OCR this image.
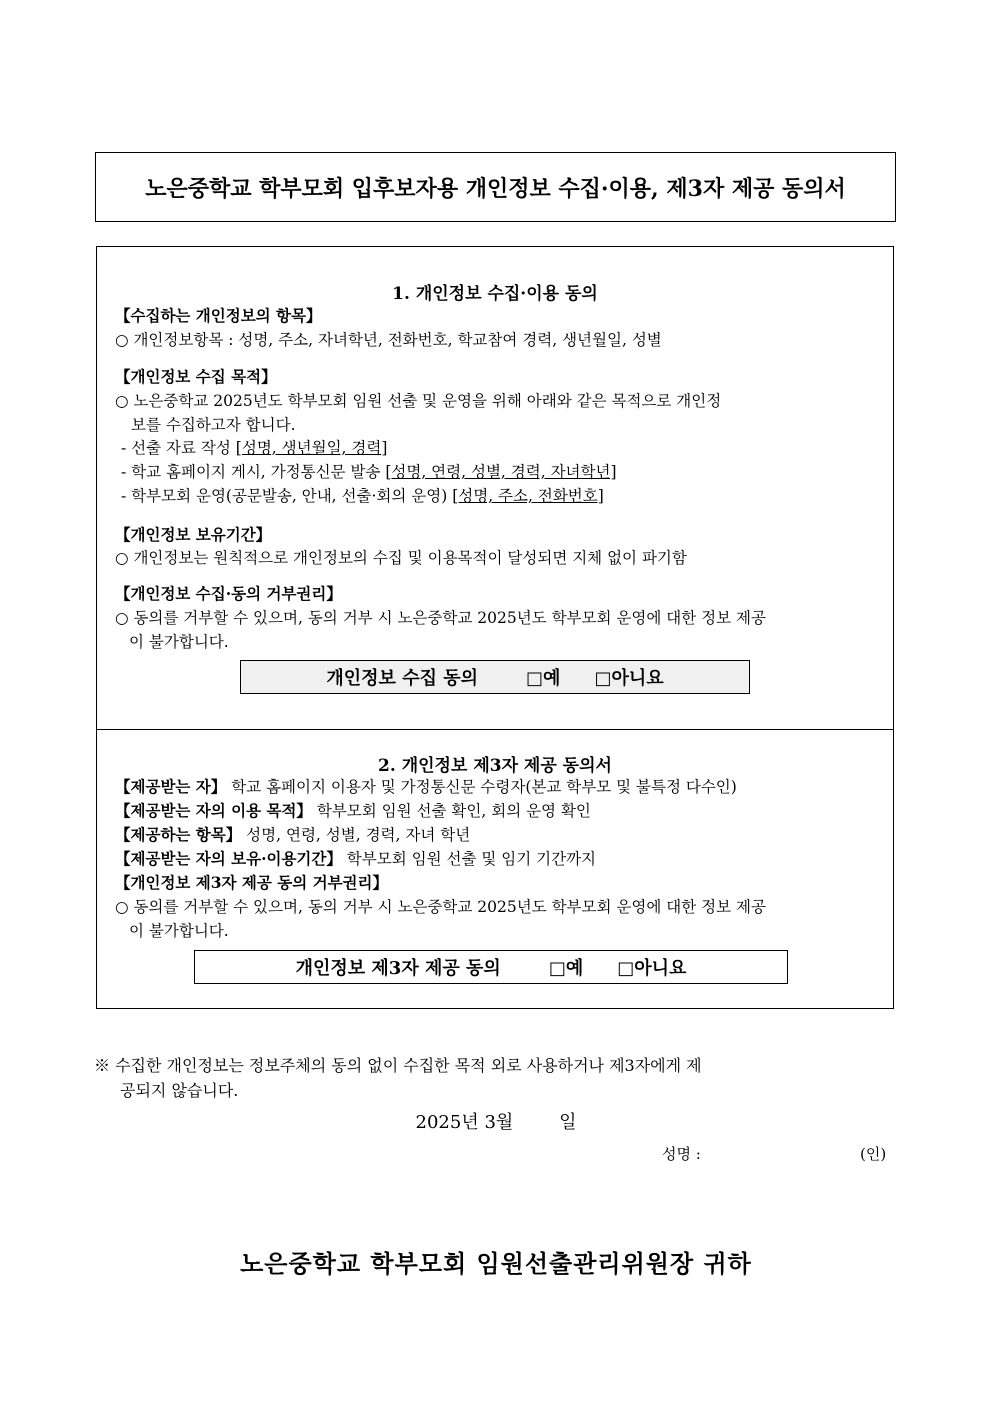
노은중학교 학부모회 입후보자용 개인정보 수집·이용, 제3자 제공 동의서
1. 개인정보 수집·이용 동의
【수집하는 개인정보의 항목】
○ 개인정보항목 : 성명, 주소, 자녀학년, 전화번호, 학교참여 경력, 생년월일, 성별
【개인정보 수집 목적】
○ 노은중학교 2025년도 학부모회 임원 선출 및 운영을 위해 아래와 같은 목적으로 개인정
보를 수집하고자 합니다.
- 선출 자료 작성 [성명, 생년월일, 경력]
- 학교 홈페이지 게시, 가정통신문 발송 [성명, 연령, 성별, 경력, 자녀학년]
- 학부모회 운영(공문발송, 안내, 선출·회의 운영) [성명, 주소, 전화번호]
【개인정보 보유기간】
○ 개인정보는 원칙적으로 개인정보의 수집 및 이용목적이 달성되면 지체 없이 파기함
【개인정보 수집·동의 거부권리】
○ 동의를 거부할 수 있으며, 동의 거부 시 노은중학교 2025년도 학부모회 운영에 대한 정보 제공
이 불가합니다.
개인정보 수집 동의	□예 □아니요
2. 개인정보 제3자 제공 동의서
【제공받는 자】 학교 홈페이지 이용자 및 가정통신문 수령자(본교 학부모 및 불특정 다수인)
【제공받는 자의 이용 목적】 학부모회 임원 선출 확인, 회의 운영 확인
【제공하는 항목】 성명, 연령, 성별, 경력, 자녀 학년
【제공받는 자의 보유·이용기간】 학부모회 임원 선출 및 임기 기간까지
【개인정보 제3자 제공 동의 거부권리】
○ 동의를 거부할 수 있으며, 동의 거부 시 노은중학교 2025년도 학부모회 운영에 대한 정보 제공
이 불가합니다.
개인정보 제3자 제공 동의	□예 □아니요
※ 수집한 개인정보는 정보주체의 동의 없이 수집한 목적 외로 사용하거나 제3자에게 제
공되지 않습니다.
2025년 3월        일
성명 :	(인)
노은중학교 학부모회 임원선출관리위원장 귀하
